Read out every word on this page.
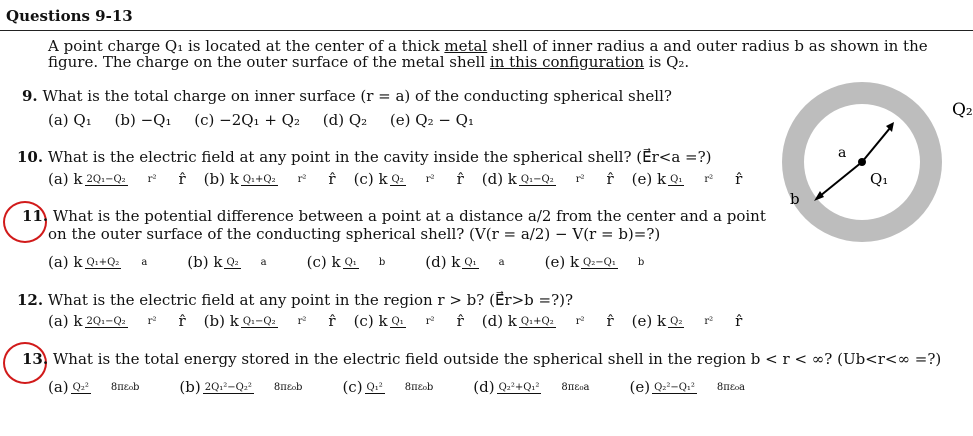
Questions 9-13
A point charge Q₁ is located at the center of a thick metal shell of inner radius a and outer radius b as shown in the figure. The charge on the outer surface of the metal shell in this configuration is Q₂.
9. What is the total charge on inner surface (r = a) of the conducting spherical shell?
(a) Q₁ (b) −Q₁ (c) −2Q₁ + Q₂ (d) Q₂ (e) Q₂ − Q₁
10. What is the electric field at any point in the cavity inside the spherical shell? (E⃗r<a =?)
(a) k 2Q₁−Q₂ r² r̂ (b) k Q₁+Q₂ r² r̂ (c) k Q₂ r² r̂ (d) k Q₁−Q₂ r² r̂ (e) k Q₁ r² r̂
11. What is the potential difference between a point at a distance a/2 from the center and a point
on the outer surface of the conducting spherical shell? (V(r = a/2) − V(r = b)=?)
(a) k Q₁+Q₂ a	(b) k Q₂ a	(c) k Q₁ b	(d) k Q₁ a	(e) k Q₂−Q₁ b
12. What is the electric field at any point in the region r > b? (E⃗r>b =?)?
(a) k 2Q₁−Q₂ r² r̂ (b) k Q₁−Q₂ r² r̂ (c) k Q₁ r² r̂ (d) k Q₁+Q₂ r² r̂ (e) k Q₂ r² r̂
13. What is the total energy stored in the electric field outside the spherical shell in the region b < r < ∞? (Ub<r<∞ =?)
(a) Q₂² 8πε₀b	(b) 2Q₁²−Q₂² 8πε₀b	(c) Q₁² 8πε₀b	(d) Q₂²+Q₁² 8πε₀a	(e) Q₂²−Q₁² 8πε₀a
Q₂
Q₁
a
b
